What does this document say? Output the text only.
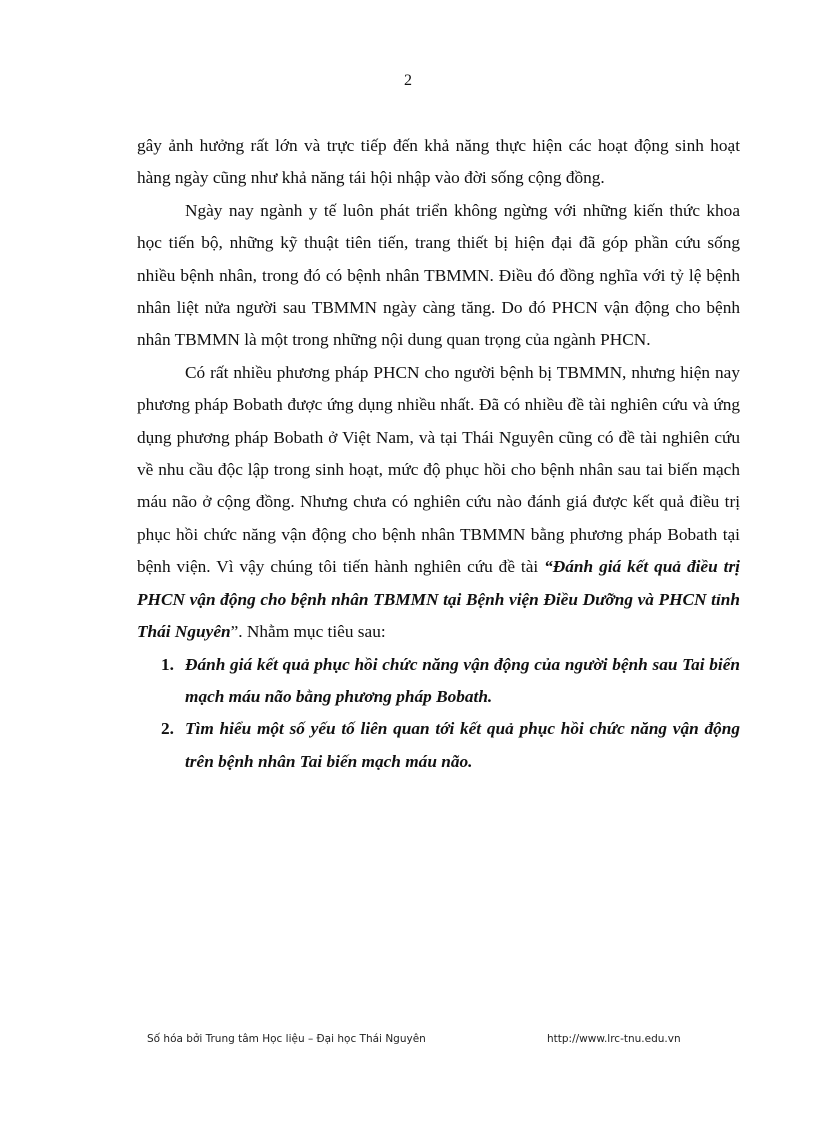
2

gây ảnh hưởng rất lớn và trực tiếp đến khả năng thực hiện các hoạt động sinh hoạt hàng ngày cũng như khả năng tái hội nhập vào đời sống cộng đồng.

Ngày nay ngành y tế luôn phát triển không ngừng với những kiến thức khoa học tiến bộ, những kỹ thuật tiên tiến, trang thiết bị hiện đại đã góp phần cứu sống nhiều bệnh nhân, trong đó có bệnh nhân TBMMN. Điều đó đồng nghĩa với tỷ lệ bệnh nhân liệt nửa người sau TBMMN ngày càng tăng. Do đó PHCN vận động cho bệnh nhân TBMMN là một trong những nội dung quan trọng của ngành PHCN.

Có rất nhiều phương pháp PHCN cho người bệnh bị TBMMN, nhưng hiện nay phương pháp Bobath được ứng dụng nhiều nhất. Đã có nhiều đề tài nghiên cứu và ứng dụng phương pháp Bobath ở Việt Nam, và tại Thái Nguyên cũng có đề tài nghiên cứu về nhu cầu độc lập trong sinh hoạt, mức độ phục hồi cho bệnh nhân sau tai biến mạch máu não ở cộng đồng. Nhưng chưa có nghiên cứu nào đánh giá được kết quả điều trị phục hồi chức năng vận động cho bệnh nhân TBMMN bằng phương pháp Bobath tại bệnh viện. Vì vậy chúng tôi tiến hành nghiên cứu đề tài “Đánh giá kết quả điều trị PHCN vận động cho bệnh nhân TBMMN tại Bệnh viện Điều Dưỡng và PHCN tỉnh Thái Nguyên”. Nhằm mục tiêu sau:

1. Đánh giá kết quả phục hồi chức năng vận động của người bệnh sau Tai biến mạch máu não bằng phương pháp Bobath.
2. Tìm hiểu một số yếu tố liên quan tới kết quả phục hồi chức năng vận động trên bệnh nhân Tai biến mạch máu não.
Số hóa bởi Trung tâm Học liệu – Đại học Thái Nguyên	http://www.lrc-tnu.edu.vn
